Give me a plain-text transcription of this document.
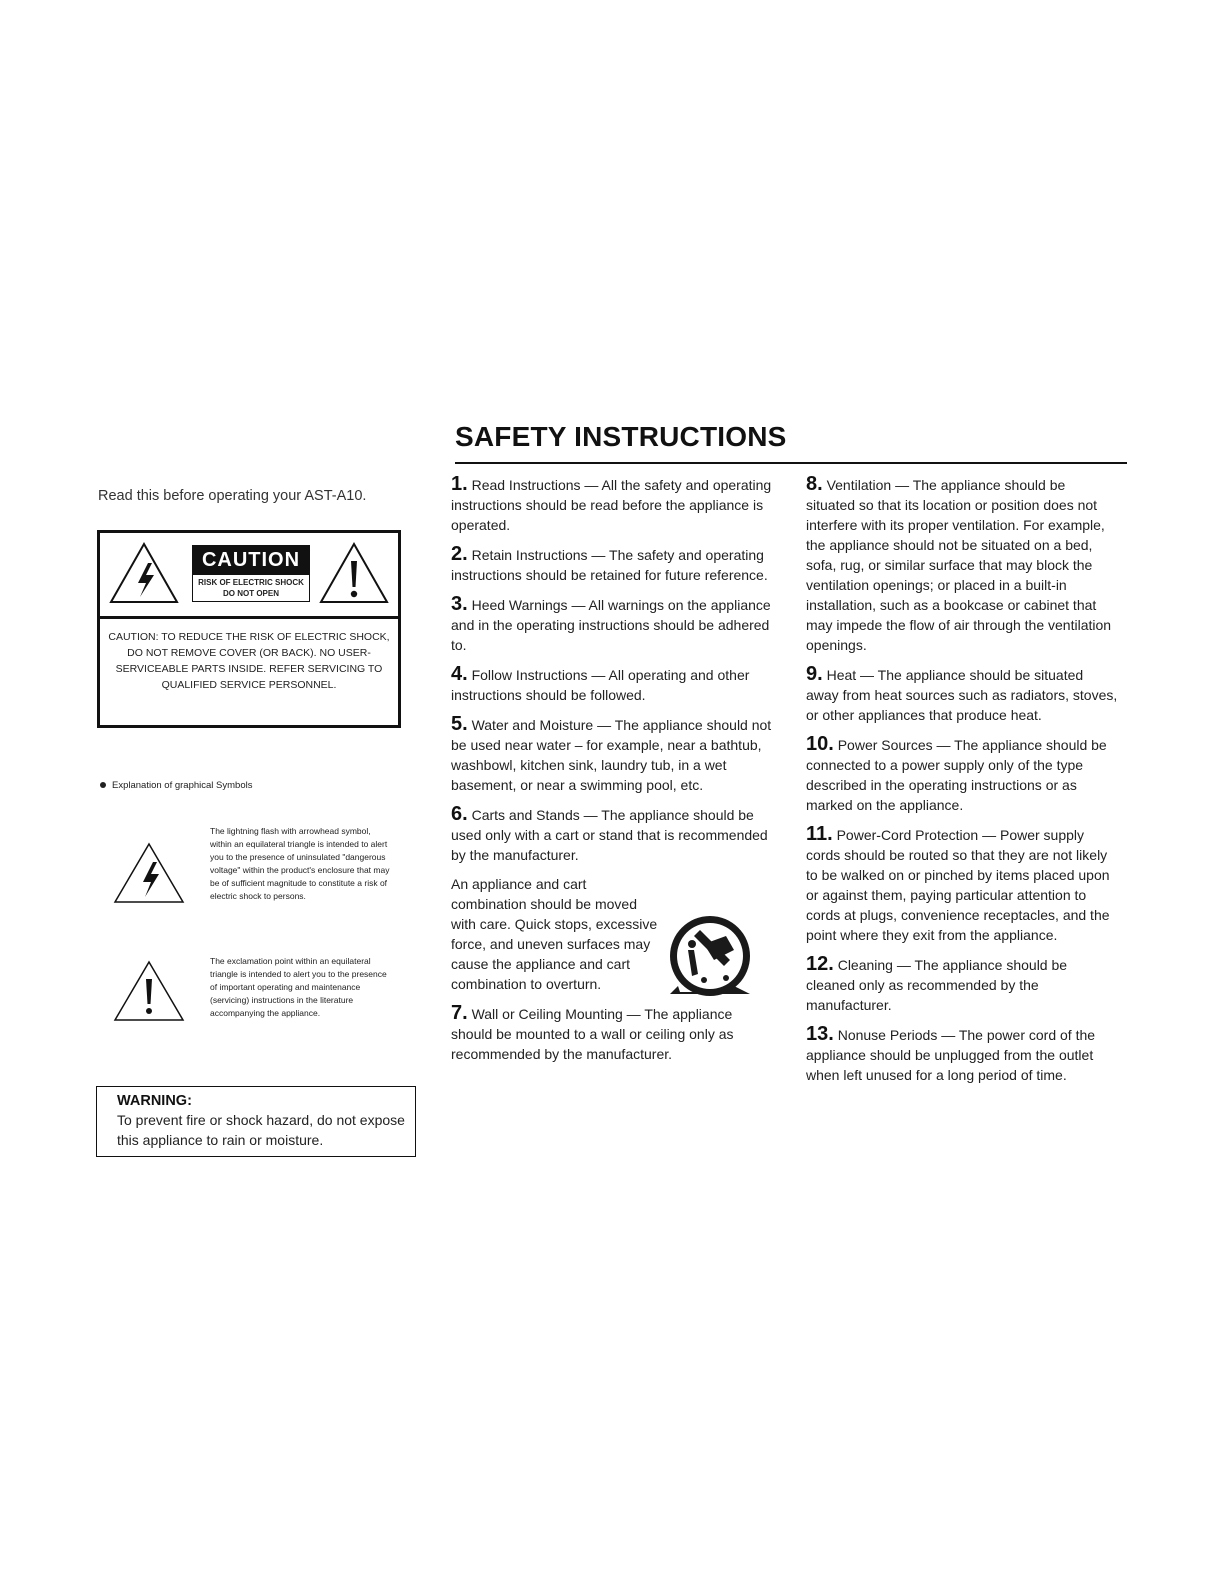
SAFETY INSTRUCTIONS
Read this before operating your AST-A10.
CAUTION
RISK OF ELECTRIC SHOCK
DO NOT OPEN
CAUTION: TO REDUCE THE RISK OF ELECTRIC SHOCK, DO NOT REMOVE COVER (OR BACK). NO USER-SERVICEABLE PARTS INSIDE. REFER SERVICING TO QUALIFIED SERVICE PERSONNEL.
Explanation of graphical Symbols
The lightning flash with arrowhead symbol, within an equilateral triangle is intended to alert you to the presence of uninsulated "dangerous voltage" within the product's enclosure that may be of sufficient magnitude to constitute a risk of electric shock to persons.
The exclamation point within an equilateral triangle is intended to alert you to the presence of important operating and maintenance (servicing) instructions in the literature accompanying the appliance.
WARNING:
To prevent fire or shock hazard, do not expose this appliance to rain or moisture.
1. Read Instructions — All the safety and operating instructions should be read before the appliance is operated.
2. Retain Instructions — The safety and operating instructions should be retained for future reference.
3. Heed Warnings — All warnings on the appliance and in the operating instructions should be adhered to.
4. Follow Instructions — All operating and other instructions should be followed.
5. Water and Moisture — The appliance should not be used near water – for example, near a bathtub, washbowl, kitchen sink, laundry tub, in a wet basement, or near a swimming pool, etc.
6. Carts and Stands — The appliance should be used only with a cart or stand that is recommended by the manufacturer.
An appliance and cart combination should be moved with care. Quick stops, excessive force, and uneven surfaces may cause the appliance and cart combination to overturn.
7. Wall or Ceiling Mounting — The appliance should be mounted to a wall or ceiling only as recommended by the manufacturer.
8. Ventilation — The appliance should be situated so that its location or position does not interfere with its proper ventilation. For example, the appliance should not be situated on a bed, sofa, rug, or similar surface that may block the ventilation openings; or placed in a built-in installation, such as a bookcase or cabinet that may impede the flow of air through the ventilation openings.
9. Heat — The appliance should be situated away from heat sources such as radiators, stoves, or other appliances that produce heat.
10. Power Sources — The appliance should be connected to a power supply only of the type described in the operating instructions or as marked on the appliance.
11. Power-Cord Protection — Power supply cords should be routed so that they are not likely to be walked on or pinched by items placed upon or against them, paying particular attention to cords at plugs, convenience receptacles, and the point where they exit from the appliance.
12. Cleaning — The appliance should be cleaned only as recommended by the manufacturer.
13. Nonuse Periods — The power cord of the appliance should be unplugged from the outlet when left unused for a long period of time.
